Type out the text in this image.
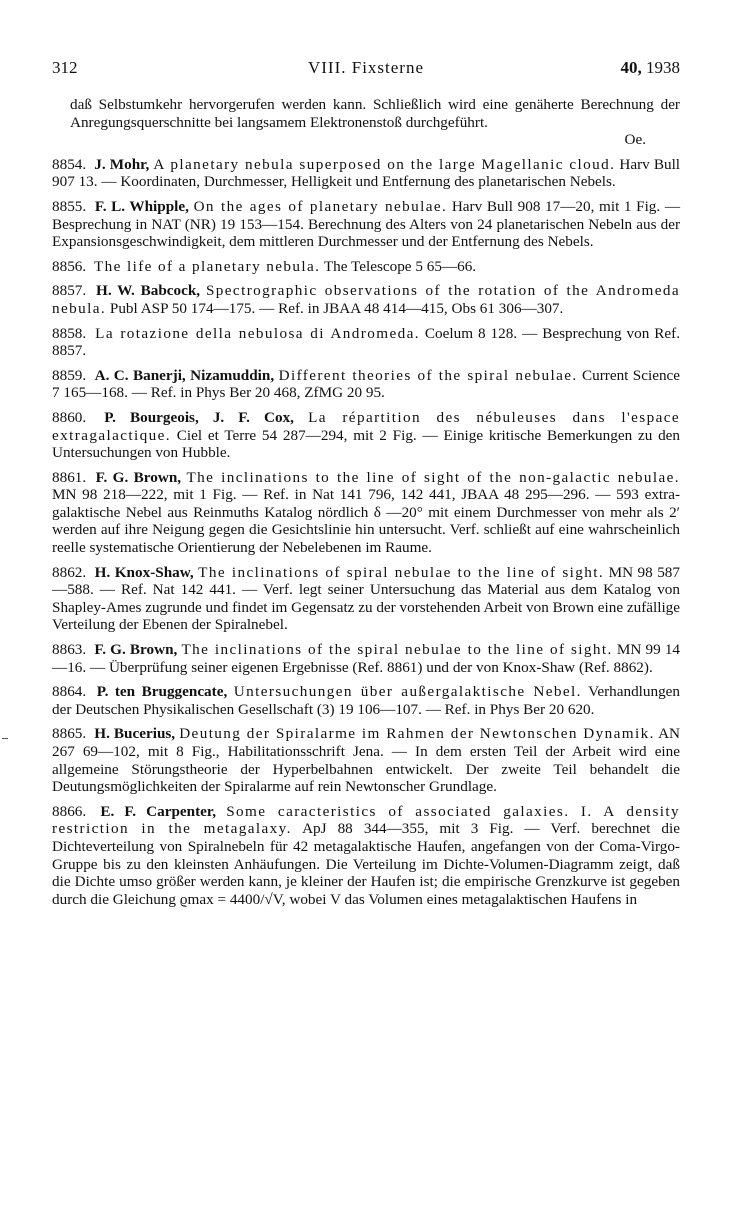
312	VIII. Fixsterne	40, 1938
daß Selbstumkehr hervorgerufen werden kann. Schließlich wird eine genäherte Berechnung der Anregungsquerschnitte bei langsamem Elektronenstoß durchgeführt.
Oe.
8854. J. Mohr, A planetary nebula superposed on the large Magellanic cloud. Harv Bull 907 13. — Koordinaten, Durchmesser, Helligkeit und Entfernung des planetarischen Nebels.
8855. F. L. Whipple, On the ages of planetary nebulae. Harv Bull 908 17—20, mit 1 Fig. — Besprechung in NAT (NR) 19 153—154. Berechnung des Alters von 24 planetarischen Nebeln aus der Expansionsgeschwindigkeit, dem mittleren Durchmesser und der Entfernung des Nebels.
8856. The life of a planetary nebula. The Telescope 5 65—66.
8857. H. W. Babcock, Spectrographic observations of the rotation of the Andromeda nebula. Publ ASP 50 174—175. — Ref. in JBAA 48 414—415, Obs 61 306—307.
8858. La rotazione della nebulosa di Andromeda. Coelum 8 128. — Besprechung von Ref. 8857.
8859. A. C. Banerji, Nizamuddin, Different theories of the spiral nebulae. Current Science 7 165—168. — Ref. in Phys Ber 20 468, ZfMG 20 95.
8860. P. Bourgeois, J. F. Cox, La répartition des nébuleuses dans l'espace extragalactique. Ciel et Terre 54 287—294, mit 2 Fig. — Einige kritische Bemerkungen zu den Untersuchungen von Hubble.
8861. F. G. Brown, The inclinations to the line of sight of the non-galactic nebulae. MN 98 218—222, mit 1 Fig. — Ref. in Nat 141 796, 142 441, JBAA 48 295—296. — 593 extra-galaktische Nebel aus Reinmuths Katalog nördlich δ —20° mit einem Durchmesser von mehr als 2′ werden auf ihre Neigung gegen die Gesichtslinie hin untersucht. Verf. schließt auf eine wahrscheinlich reelle systematische Orientierung der Nebelebenen im Raume.
8862. H. Knox-Shaw, The inclinations of spiral nebulae to the line of sight. MN 98 587—588. — Ref. Nat 142 441. — Verf. legt seiner Untersuchung das Material aus dem Katalog von Shapley-Ames zugrunde und findet im Gegensatz zu der vorstehenden Arbeit von Brown eine zufällige Verteilung der Ebenen der Spiralnebel.
8863. F. G. Brown, The inclinations of the spiral nebulae to the line of sight. MN 99 14—16. — Überprüfung seiner eigenen Ergebnisse (Ref. 8861) und der von Knox-Shaw (Ref. 8862).
8864. P. ten Bruggencate, Untersuchungen über außergalaktische Nebel. Verhandlungen der Deutschen Physikalischen Gesellschaft (3) 19 106—107. — Ref. in Phys Ber 20 620.
8865. H. Bucerius, Deutung der Spiralarme im Rahmen der Newtonschen Dynamik. AN 267 69—102, mit 8 Fig., Habilitationsschrift Jena. — In dem ersten Teil der Arbeit wird eine allgemeine Störungstheorie der Hyperbelbahnen entwickelt. Der zweite Teil behandelt die Deutungsmöglichkeiten der Spiralarme auf rein Newtonscher Grundlage.
8866. E. F. Carpenter, Some caracteristics of associated galaxies. I. A density restriction in the metagalaxy. ApJ 88 344—355, mit 3 Fig. — Verf. berechnet die Dichteverteilung von Spiralnebeln für 42 metagalaktische Haufen, angefangen von der Coma-Virgo-Gruppe bis zu den kleinsten Anhäufungen. Die Verteilung im Dichte-Volumen-Diagramm zeigt, daß die Dichte umso größer werden kann, je kleiner der Haufen ist; die empirische Grenzkurve ist gegeben durch die Gleichung ϱmax = 4400/√V, wobei V das Volumen eines metagalaktischen Haufens in
